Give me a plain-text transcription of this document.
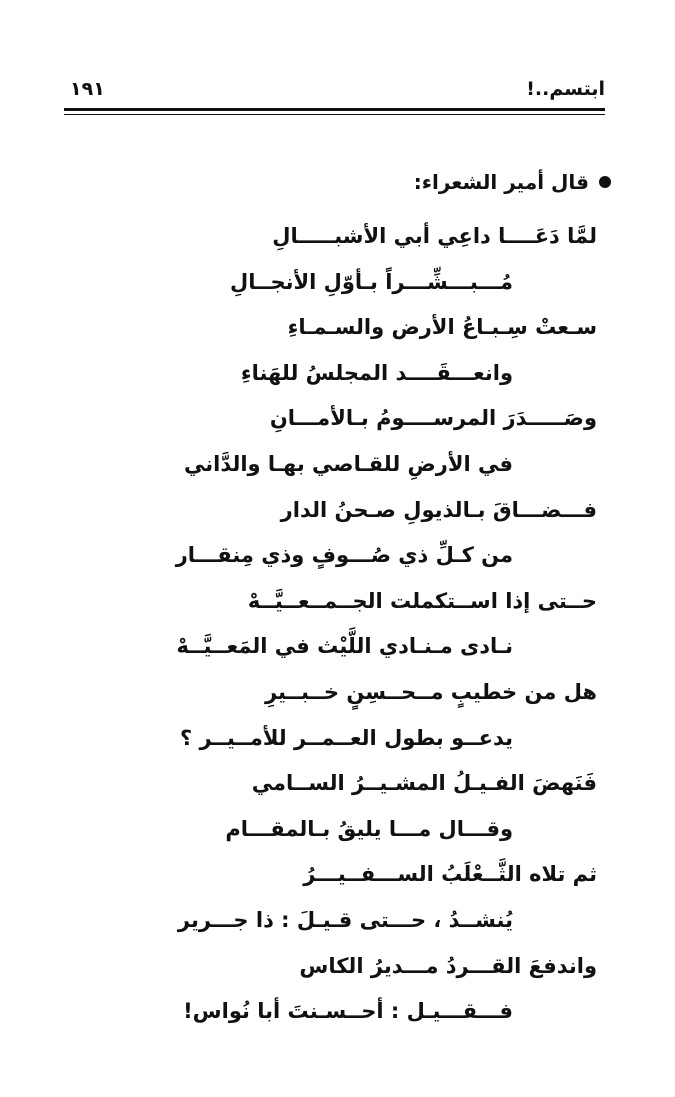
ابتسم..!
١٩١
قال أمير الشعراء:
لمَّا دَعَــــا داعِي أبي الأشبـــــالِ
مُـــبـــشِّـــراً بـأوّلِ الأنجــالِ
سـعتْ سِـبـاعُ الأرض والسـمـاءِ
وانعـــقَــــد المجلسُ للهَناءِ
وصَـــــدَرَ المرســــومُ بـالأمـــانِ
في الأرضِ للقـاصي بهـا والدَّاني
فـــضـــاقَ بـالذيولِ صـحنُ الدار
من كـلِّ ذي صُـــوفٍ وذي مِنقـــار
حــتى إذا اســتكملت الجــمــعــيَّــهْ
نـادى مـنـادي اللَّيْث في المَعــيَّــهْ
هل من خطيبٍ مــحــسِنٍ خــبــيرِ
يدعــو بطول العــمــر للأمــيــر ؟
فَنَهضَ الفـيـلُ المشـيــرُ الســامي
وقـــال مـــا يليقُ بـالمقـــام
ثم تلاه الثَّــعْلَبُ الســـفــيـــرُ
يُنشــدُ ، حـــتى قـيـلَ : ذا جـــرير
واندفعَ القـــردُ مـــديرُ الكاس
فـــقـــيـل : أحــسـنتَ أبا نُواس!
